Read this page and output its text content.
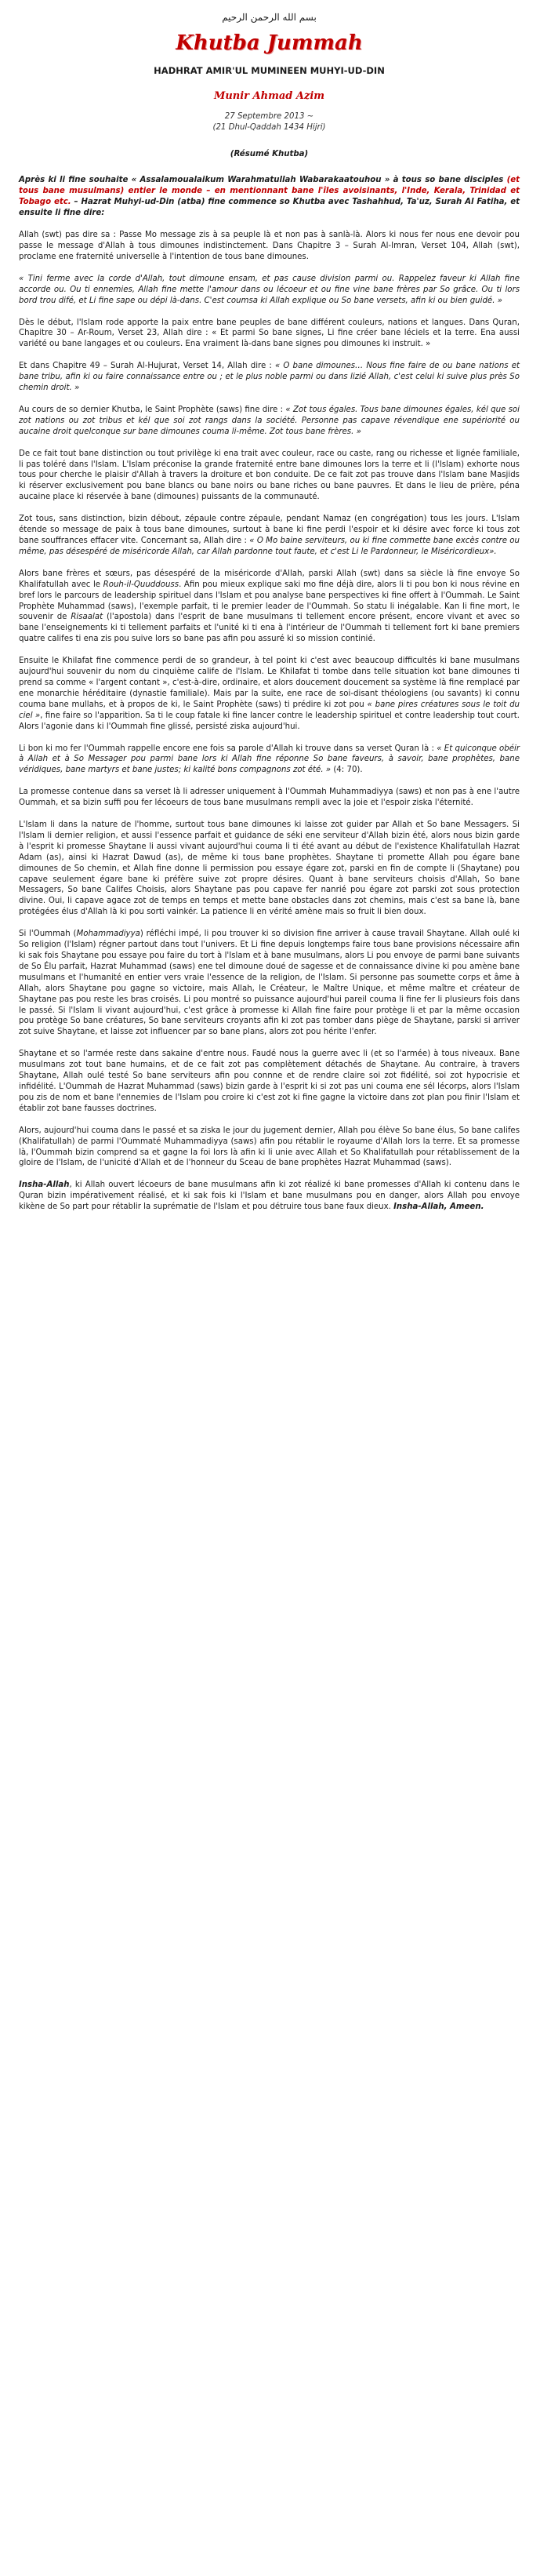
بسم الله الرحمن الرحيم

Khutba Jummah

HADHRAT AMIR'UL MUMINEEN MUHYI-UD-DIN

Munir Ahmad Azim

27 Septembre 2013 ~

(21 Dhul-Qaddah 1434 Hijri)

(Résumé Khutba)

Après ki li fine souhaite « Assalamoualaikum Warahmatullah Wabarakaatouhou » à tous so bane disciples (et tous bane musulmans) entier le monde – en mentionnant bane l'îles avoisinants, l'Inde, Kerala, Trinidad et Tobago etc. – Hazrat Muhyi-ud-Din (atba) fine commence so Khutba avec Tashahhud, Ta'uz, Surah Al Fatiha, et ensuite li fine dire:

Allah (swt) pas dire sa : Passe Mo message zis à sa peuple là et non pas à sanlà-là. Alors ki nous fer nous ene devoir pou passe le message d'Allah à tous dimounes indistinctement. Dans Chapitre 3 – Surah Al-Imran, Verset 104, Allah (swt), proclame ene fraternité universelle à l'intention de tous bane dimounes.

« Tini ferme avec la corde d'Allah, tout dimoune ensam, et pas cause division parmi ou. Rappelez faveur ki Allah fine accorde ou. Ou ti ennemies, Allah fine mette l'amour dans ou lécoeur et ou fine vine bane frères par So grâce. Ou ti lors bord trou difé, et Li fine sape ou dépi là-dans. C'est coumsa ki Allah explique ou So bane versets, afin ki ou bien guidé. »

Dès le début, l'Islam rode apporte la paix entre bane peuples de bane différent couleurs, nations et langues. Dans Quran, Chapitre 30 – Ar-Roum, Verset 23, Allah dire : « Et parmi So bane signes, Li fine créer bane léciels et la terre. Ena aussi variété ou bane langages et ou couleurs. Ena vraiment là-dans bane signes pou dimounes ki instruit. »

Et dans Chapitre 49 – Surah Al-Hujurat, Verset 14, Allah dire : « O bane dimounes… Nous fine faire de ou bane nations et bane tribu, afin ki ou faire connaissance entre ou ; et le plus noble parmi ou dans lizié Allah, c'est celui ki suive plus près So chemin droit. »

Au cours de so dernier Khutba, le Saint Prophète (saws) fine dire : « Zot tous égales. Tous bane dimounes égales, kél que soi zot nations ou zot tribus et kél que soi zot rangs dans la société. Personne pas capave révendique ene supériorité ou aucaine droit quelconque sur bane dimounes couma li-même. Zot tous bane frères. »

De ce fait tout bane distinction ou tout privilège ki ena trait avec couleur, race ou caste, rang ou richesse et lignée familiale, li pas toléré dans l'Islam. L'Islam préconise la grande fraternité entre bane dimounes lors la terre et li (l'Islam) exhorte nous tous pour cherche le plaisir d'Allah à travers la droiture et bon conduite. De ce fait zot pas trouve dans l'Islam bane Masjids ki réserver exclusivement pou bane blancs ou bane noirs ou bane riches ou bane pauvres. Et dans le lieu de prière, péna aucaine place ki réservée à bane (dimounes) puissants de la communauté.

Zot tous, sans distinction, bizin débout, zépaule contre zépaule, pendant Namaz (en congrégation) tous les jours. L'Islam étende so message de paix à tous bane dimounes, surtout à bane ki fine perdi l'espoir et ki désire avec force ki tous zot bane souffrances effacer vite. Concernant sa, Allah dire : « O Mo baine serviteurs, ou ki fine commette bane excès contre ou même, pas désespéré de miséricorde Allah, car Allah pardonne tout faute, et c'est Li le Pardonneur, le Miséricordieux».

Alors bane frères et sœurs, pas désespéré de la miséricorde d'Allah, parski Allah (swt) dans sa siècle là fine envoye So Khalifatullah avec le Rouh-il-Quuddouss. Afin pou mieux explique saki mo fine déjà dire, alors li ti pou bon ki nous révine en bref lors le parcours de leadership spirituel dans l'Islam et pou analyse bane perspectives ki fine offert à l'Oummah. Le Saint Prophète Muhammad (saws), l'exemple parfait, ti le premier leader de l'Oummah. So statu li inégalable. Kan li fine mort, le souvenir de Risaalat (l'apostola) dans l'esprit de bane musulmans ti tellement encore présent, encore vivant et avec so bane l'enseignements ki ti tellement parfaits et l'unité ki ti ena à l'intérieur de l'Oummah ti tellement fort ki bane premiers quatre califes ti ena zis pou suive lors so bane pas afin pou assuré ki so mission continié.

Ensuite le Khilafat fine commence perdi de so grandeur, à tel point ki c'est avec beaucoup difficultés ki bane musulmans aujourd'hui souvenir du nom du cinquième calife de l'Islam. Le Khilafat ti tombe dans telle situation kot bane dimounes ti prend sa comme « l'argent contant », c'est-à-dire, ordinaire, et alors doucement doucement sa système là fine remplacé par ene monarchie héréditaire (dynastie familiale). Mais par la suite, ene race de soi-disant théologiens (ou savants) ki connu couma bane mullahs, et à propos de ki, le Saint Prophète (saws) ti prédire ki zot pou « bane pires créatures sous le toit du ciel », fine faire so l'apparition. Sa ti le coup fatale ki fine lancer contre le leadership spirituel et contre leadership tout court. Alors l'agonie dans ki l'Oummah fine glissé, persisté ziska aujourd'hui.

Li bon ki mo fer l'Oummah rappelle encore ene fois sa parole d'Allah ki trouve dans sa verset Quran là : « Et quiconque obéir à Allah et à So Messager pou parmi bane lors ki Allah fine réponne So bane faveurs, à savoir, bane prophètes, bane véridiques, bane martyrs et bane justes; ki kalité bons compagnons zot été. » (4: 70).

La promesse contenue dans sa verset là li adresser uniquement à l'Oummah Muhammadiyya (saws) et non pas à ene l'autre Oummah, et sa bizin suffi pou fer lécoeurs de tous bane musulmans rempli avec la joie et l'espoir ziska l'éternité.

L'Islam li dans la nature de l'homme, surtout tous bane dimounes ki laisse zot guider par Allah et So bane Messagers. Si l'Islam li dernier religion, et aussi l'essence parfait et guidance de séki ene serviteur d'Allah bizin été, alors nous bizin garde à l'esprit ki promesse Shaytane li aussi vivant aujourd'hui couma li ti été avant au début de l'existence Khalifatullah Hazrat Adam (as), ainsi ki Hazrat Dawud (as), de même ki tous bane prophètes. Shaytane ti promette Allah pou égare bane dimounes de So chemin, et Allah fine donne li permission pou essaye égare zot, parski en fin de compte li (Shaytane) pou capave seulement égare bane ki préfère suive zot propre désires. Quant à bane serviteurs choisis d'Allah, So bane Messagers, So bane Califes Choisis, alors Shaytane pas pou capave fer nanrié pou égare zot parski zot sous protection divine. Oui, li capave agace zot de temps en temps et mette bane obstacles dans zot chemins, mais c'est sa bane là, bane protégées élus d'Allah là ki pou sorti vainkér. La patience li en vérité amène mais so fruit li bien doux.

Si l'Oummah (Mohammadiyya) réfléchi impé, li pou trouver ki so division fine arriver à cause travail Shaytane. Allah oulé ki So religion (l'Islam) régner partout dans tout l'univers. Et Li fine depuis longtemps faire tous bane provisions nécessaire afin ki sak fois Shaytane pou essaye pou faire du tort à l'Islam et à bane musulmans, alors Li pou envoye de parmi bane suivants de So Élu parfait, Hazrat Muhammad (saws) ene tel dimoune doué de sagesse et de connaissance divine ki pou amène bane musulmans et l'humanité en entier vers vraie l'essence de la religion, de l'Islam. Si personne pas soumette corps et âme à Allah, alors Shaytane pou gagne so victoire, mais Allah, le Créateur, le Maître Unique, et même maître et créateur de Shaytane pas pou reste les bras croisés. Li pou montré so puissance aujourd'hui pareil couma li fine fer li plusieurs fois dans le passé. Si l'Islam li vivant aujourd'hui, c'est grâce à promesse ki Allah fine faire pour protège li et par la même occasion pou protège So bane créatures, So bane serviteurs croyants afin ki zot pas tomber dans piège de Shaytane, parski si arriver zot suive Shaytane, et laisse zot influencer par so bane plans, alors zot pou hérite l'enfer.

Shaytane et so l'armée reste dans sakaine d'entre nous. Faudé nous la guerre avec li (et so l'armée) à tous niveaux. Bane musulmans zot tout bane humains, et de ce fait zot pas complètement détachés de Shaytane. Au contraire, à travers Shaytane, Allah oulé testé So bane serviteurs afin pou connne et de rendre claire soi zot fidélité, soi zot hypocrisie et infidélité. L'Oummah de Hazrat Muhammad (saws) bizin garde à l'esprit ki si zot pas uni couma ene sél lécorps, alors l'Islam pou zis de nom et bane l'ennemies de l'Islam pou croire ki c'est zot ki fine gagne la victoire dans zot plan pou finir l'Islam et établir zot bane fausses doctrines.

Alors, aujourd'hui couma dans le passé et sa ziska le jour du jugement dernier, Allah pou élève So bane élus, So bane califes (Khalifatullah) de parmi l'Oummaté Muhammadiyya (saws) afin pou rétablir le royaume d'Allah lors la terre. Et sa promesse là, l'Oummah bizin comprend sa et gagne la foi lors là afin ki li unie avec Allah et So Khalifatullah pour rétablissement de la gloire de l'Islam, de l'unicité d'Allah et de l'honneur du Sceau de bane prophètes Hazrat Muhammad (saws).

Insha-Allah, ki Allah ouvert lécoeurs de bane musulmans afin ki zot réalizé ki bane promesses d'Allah ki contenu dans le Quran bizin impérativement réalisé, et ki sak fois ki l'Islam et bane musulmans pou en danger, alors Allah pou envoye kikène de So part pour rétablir la suprématie de l'Islam et pou détruire tous bane faux dieux. Insha-Allah, Ameen.
